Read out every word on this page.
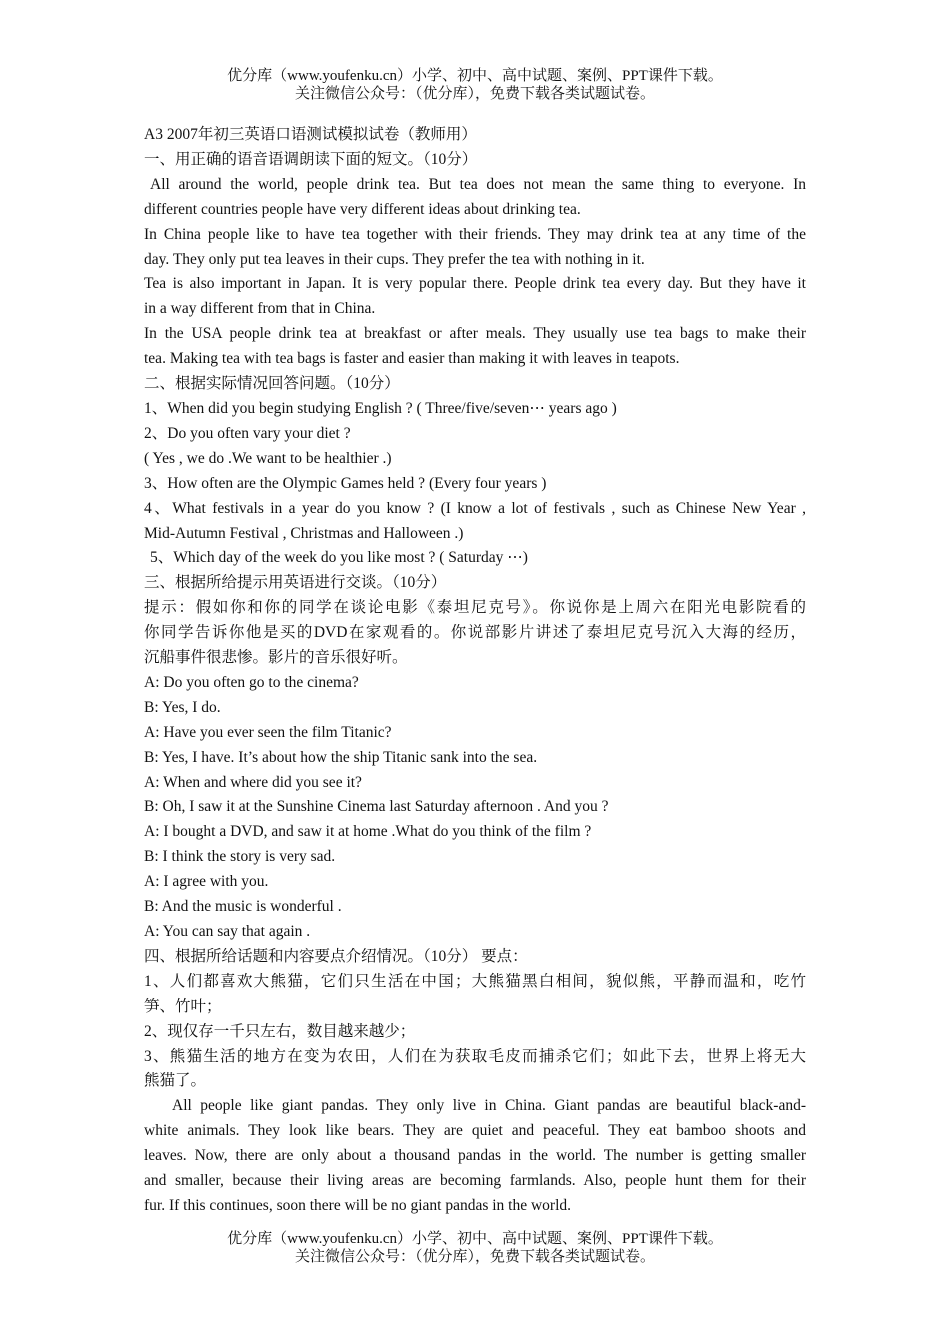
优分库（www.youfenku.cn）小学、初中、高中试题、案例、PPT课件下载。
关注微信公众号：（优分库），免费下载各类试题试卷。
A3 2007年初三英语口语测试模拟试卷（教师用）
一、用正确的语音语调朗读下面的短文。（10分）
All around the world, people drink tea. But tea does not mean the same thing to everyone. In
different countries people have very different ideas about drinking tea.
In China people like to have tea together with their friends. They may drink tea at any time of the
day. They only put tea leaves in their cups. They prefer the tea with nothing in it.
Tea is also important in Japan. It is very popular there. People drink tea every day. But they have it
in a way different from that in China.
In the USA people drink tea at breakfast or after meals. They usually use tea bags to make their
tea. Making tea with tea bags is faster and easier than making it with leaves in teapots.
二、根据实际情况回答问题。（10分）
1、When did you begin studying English ? ( Three/five/seven⋯ years ago )
2、Do you often vary your diet ?
( Yes , we do .We want to be healthier .)
3、How often are the Olympic Games held ? (Every four years )
4、What festivals in a year do you know ? (I know a lot of festivals , such as Chinese New Year ,
Mid-Autumn Festival , Christmas and Halloween .)
5、Which day of the week do you like most ? ( Saturday ⋯)
三、根据所给提示用英语进行交谈。（10分）
提示：假如你和你的同学在谈论电影《泰坦尼克号》。你说你是上周六在阳光电影院看的
你同学告诉你他是买的DVD在家观看的。你说部影片讲述了泰坦尼克号沉入大海的经历，
沉船事件很悲惨。影片的音乐很好听。
A: Do you often go to the cinema?
B: Yes, I do.
A: Have you ever seen the film Titanic?
B: Yes, I have. It’s about how the ship Titanic sank into the sea.
A: When and where did you see it?
B: Oh, I saw it at the Sunshine Cinema last Saturday afternoon . And you ?
A: I bought a DVD, and saw it at home .What do you think of the film ?
B: I think the story is very sad.
A: I agree with you.
B: And the music is wonderful .
A: You can say that again .
四、根据所给话题和内容要点介绍情况。（10分） 要点：
1、人们都喜欢大熊猫，它们只生活在中国；大熊猫黑白相间，貌似熊，平静而温和，吃竹
笋、竹叶；
2、现仅存一千只左右，数目越来越少；
3、熊猫生活的地方在变为农田，人们在为获取毛皮而捕杀它们；如此下去，世界上将无大
熊猫了。
All people like giant pandas. They only live in China. Giant pandas are beautiful black-and-
white animals. They look like bears. They are quiet and peaceful. They eat bamboo shoots and
leaves. Now, there are only about a thousand pandas in the world. The number is getting smaller
and smaller, because their living areas are becoming farmlands. Also, people hunt them for their
fur. If this continues, soon there will be no giant pandas in the world.
优分库（www.youfenku.cn）小学、初中、高中试题、案例、PPT课件下载。
关注微信公众号：（优分库），免费下载各类试题试卷。
